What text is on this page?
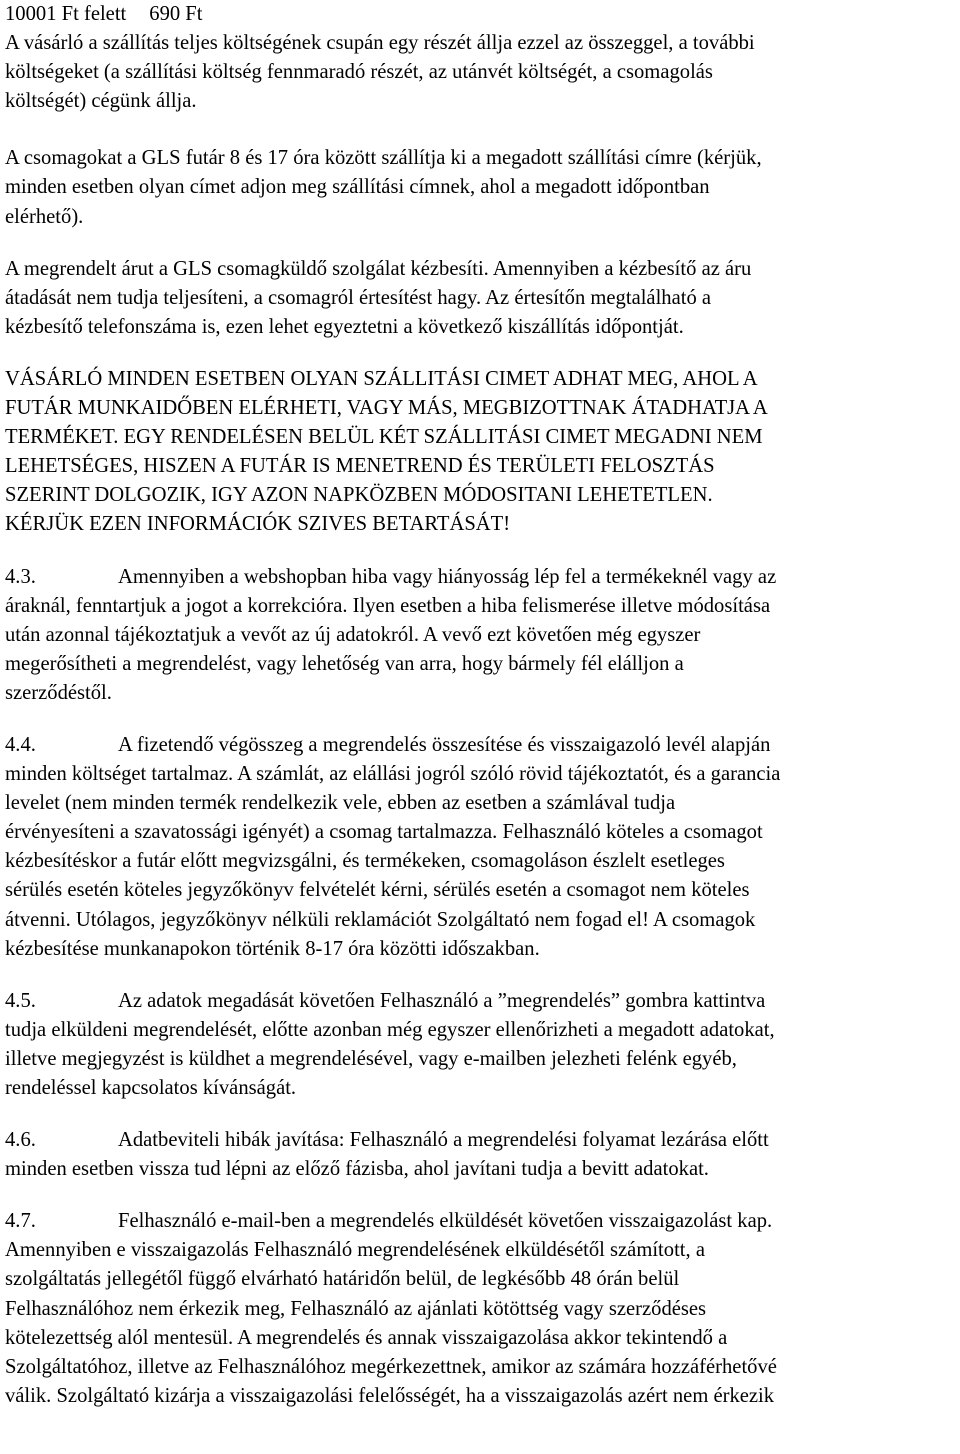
10001 Ft felett 690 Ft
A vásárló a szállítás teljes költségének csupán egy részét állja ezzel az összeggel, a további
költségeket (a szállítási költség fennmaradó részét, az utánvét költségét, a csomagolás
költségét) cégünk állja.
A csomagokat a GLS futár 8 és 17 óra között szállítja ki a megadott szállítási címre (kérjük,
minden esetben olyan címet adjon meg szállítási címnek, ahol a megadott időpontban
elérhető).
A megrendelt árut a GLS csomagküldő szolgálat kézbesíti. Amennyiben a kézbesítő az áru
átadását nem tudja teljesíteni, a csomagról értesítést hagy. Az értesítőn megtalálható a
kézbesítő telefonszáma is, ezen lehet egyeztetni a következő kiszállítás időpontját.
VÁSÁRLÓ MINDEN ESETBEN OLYAN SZÁLLITÁSI CIMET ADHAT MEG, AHOL A
FUTÁR MUNKAIDŐBEN ELÉRHETI, VAGY MÁS, MEGBIZOTTNAK ÁTADHATJA A
TERMÉKET. EGY RENDELÉSEN BELÜL KÉT SZÁLLITÁSI CIMET MEGADNI NEM
LEHETSÉGES, HISZEN A FUTÁR IS MENETREND ÉS TERÜLETI FELOSZTÁS
SZERINT DOLGOZIK, IGY AZON NAPKÖZBEN MÓDOSITANI LEHETETLEN.
KÉRJÜK EZEN INFORMÁCIÓK SZIVES BETARTÁSÁT!
4.3.	Amennyiben a webshopban hiba vagy hiányosság lép fel a termékeknél vagy az
áraknál, fenntartjuk a jogot a korrekcióra. Ilyen esetben a hiba felismerése illetve módosítása
után azonnal tájékoztatjuk a vevőt az új adatokról. A vevő ezt követően még egyszer
megerősítheti a megrendelést, vagy lehetőség van arra, hogy bármely fél elálljon a
szerződéstől.
4.4.	A fizetendő végösszeg a megrendelés összesítése és visszaigazoló levél alapján
minden költséget tartalmaz. A számlát, az elállási jogról szóló rövid tájékoztatót, és a garancia
levelet (nem minden termék rendelkezik vele, ebben az esetben a számlával tudja
érvényesíteni a szavatossági igényét) a csomag tartalmazza. Felhasználó köteles a csomagot
kézbesítéskor a futár előtt megvizsgálni, és termékeken, csomagoláson észlelt esetleges
sérülés esetén köteles jegyzőkönyv felvételét kérni, sérülés esetén a csomagot nem köteles
átvenni. Utólagos, jegyzőkönyv nélküli reklamációt Szolgáltató nem fogad el! A csomagok
kézbesítése munkanapokon történik 8-17 óra közötti időszakban.
4.5.	Az adatok megadását követően Felhasználó a ”megrendelés” gombra kattintva
tudja elküldeni megrendelését, előtte azonban még egyszer ellenőrizheti a megadott adatokat,
illetve megjegyzést is küldhet a megrendelésével, vagy e-mailben jelezheti felénk egyéb,
rendeléssel kapcsolatos kívánságát.
4.6.	Adatbeviteli hibák javítása: Felhasználó a megrendelési folyamat lezárása előtt
minden esetben vissza tud lépni az előző fázisba, ahol javítani tudja a bevitt adatokat.
4.7.	Felhasználó e-mail-ben a megrendelés elküldését követően visszaigazolást kap.
Amennyiben e visszaigazolás Felhasználó megrendelésének elküldésétől számított, a
szolgáltatás jellegétől függő elvárható határidőn belül, de legkésőbb 48 órán belül
Felhasználóhoz nem érkezik meg, Felhasználó az ajánlati kötöttség vagy szerződéses
kötelezettség alól mentesül. A megrendelés és annak visszaigazolása akkor tekintendő a
Szolgáltatóhoz, illetve az Felhasználóhoz megérkezettnek, amikor az számára hozzáférhetővé
válik. Szolgáltató kizárja a visszaigazolási felelősségét, ha a visszaigazolás azért nem érkezik
